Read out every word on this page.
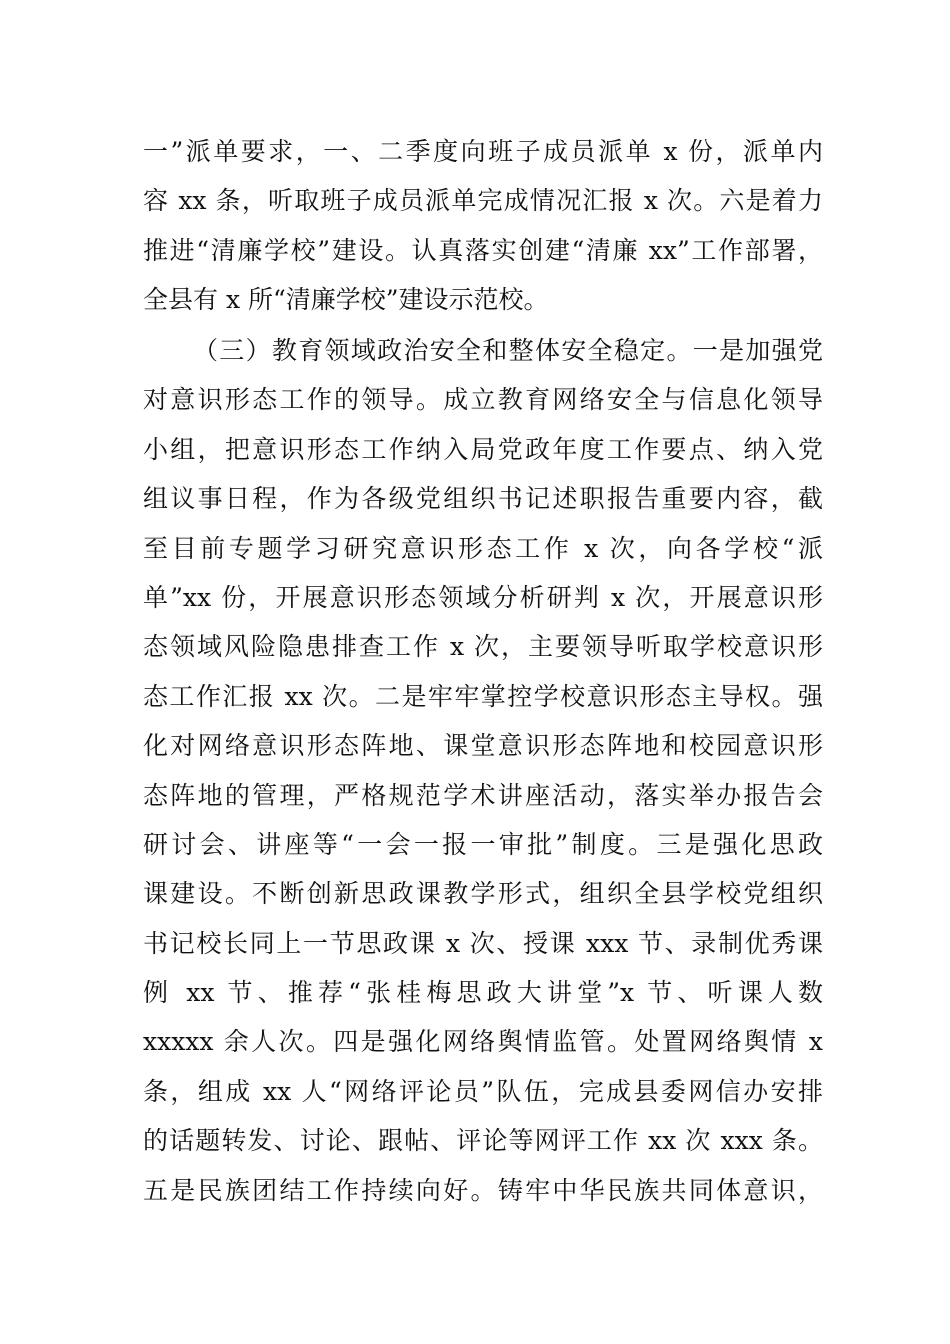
一”派单要求，一、二季度向班子成员派单 x 份，派单内
容 xx 条，听取班子成员派单完成情况汇报 x 次。六是着力
推进“清廉学校”建设。认真落实创建“清廉 xx”工作部署，
全县有 x 所“清廉学校”建设示范校。
（三）教育领域政治安全和整体安全稳定。一是加强党
对意识形态工作的领导。成立教育网络安全与信息化领导
小组，把意识形态工作纳入局党政年度工作要点、纳入党
组议事日程，作为各级党组织书记述职报告重要内容，截
至目前专题学习研究意识形态工作 x 次，向各学校“派
单”xx 份，开展意识形态领域分析研判 x 次，开展意识形
态领域风险隐患排查工作 x 次，主要领导听取学校意识形
态工作汇报 xx 次。二是牢牢掌控学校意识形态主导权。强
化对网络意识形态阵地、课堂意识形态阵地和校园意识形
态阵地的管理，严格规范学术讲座活动，落实举办报告会
研讨会、讲座等“一会一报一审批”制度。三是强化思政
课建设。不断创新思政课教学形式，组织全县学校党组织
书记校长同上一节思政课 x 次、授课 xxx 节、录制优秀课
例 xx 节、推荐“张桂梅思政大讲堂”x 节、听课人数
xxxxx 余人次。四是强化网络舆情监管。处置网络舆情 x
条，组成 xx 人“网络评论员”队伍，完成县委网信办安排
的话题转发、讨论、跟帖、评论等网评工作 xx 次 xxx 条。
五是民族团结工作持续向好。铸牢中华民族共同体意识，
